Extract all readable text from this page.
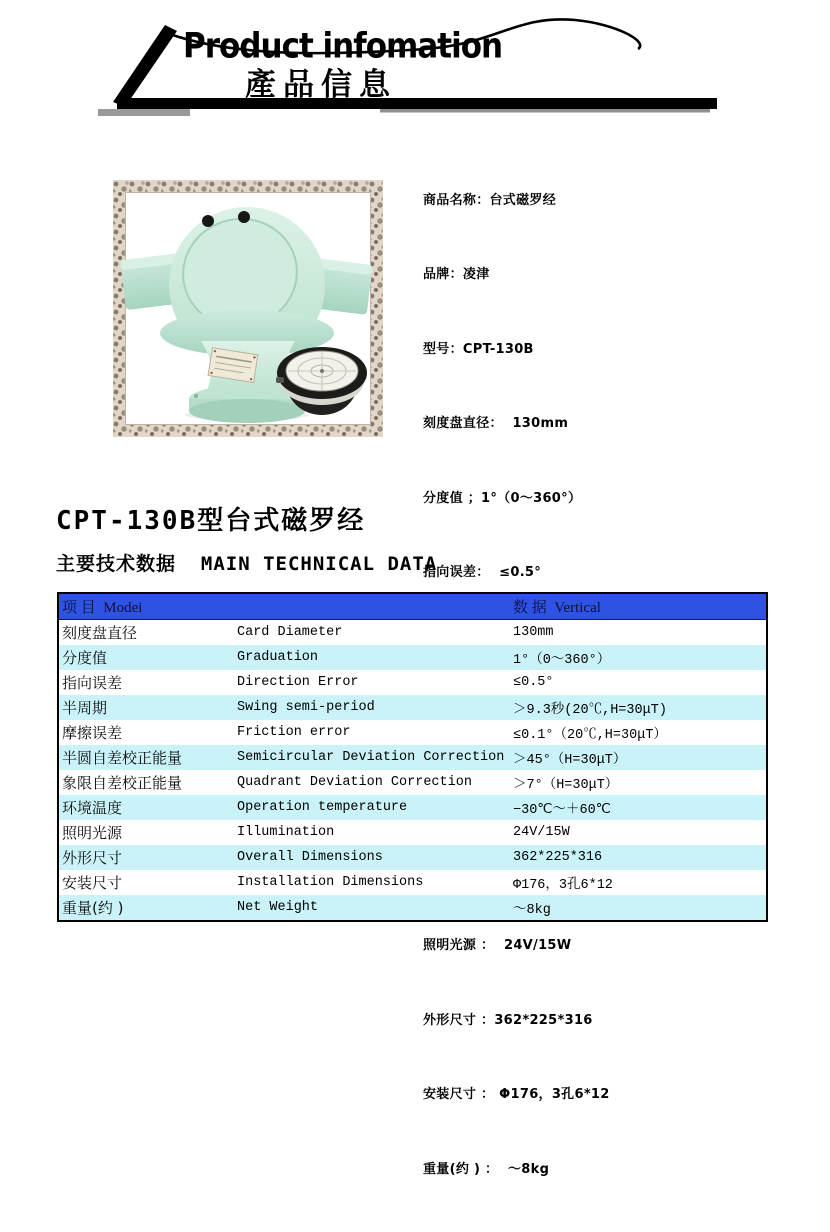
Product infomation
產品信息

商品名称：台式磁罗经

品牌：凌津

型号：CPT-130B

刻度盘直径：  130mm

分度值 ；1°（0～360°）

指向误差：  ≤0.5°

半周期 ；＞9.3秒(20℃,H=30μT)

摩擦误差 ；  ≤0.1°（20℃,H=30μT）

半圆自差校正能量  ＞45°（H=30μT）

环境温度 ：  −30℃～＋60℃

照明光源 ：  24V/15W

外形尺寸 ：362*225*316

安装尺寸 ： Φ176，3孔6*12

重量(约 ) ：  ～8kg

CPT-130B型台式磁罗经
主要技术数据  MAIN TECHNICAL DATA
项 目  Modei		数 据  Vertical
刻度盘直径	Card Diameter	130mm
分度值	Graduation	1°（0～360°）
指向误差	Direction Error	≤0.5°
半周期	Swing semi-period	＞9.3秒(20℃,H=30μT)
摩擦误差	Friction error	≤0.1°（20℃,H=30μT）
半圆自差校正能量	Semicircular Deviation Correction	＞45°（H=30μT）
象限自差校正能量	Quadrant Deviation Correction	＞7°（H=30μT）
环境温度	Operation temperature	−30℃～＋60℃
照明光源	Illumination	24V/15W
外形尺寸	Overall Dimensions	362*225*316
安装尺寸	Installation Dimensions	Φ176，3孔6*12
重量(约 )	Net Weight	～8kg
